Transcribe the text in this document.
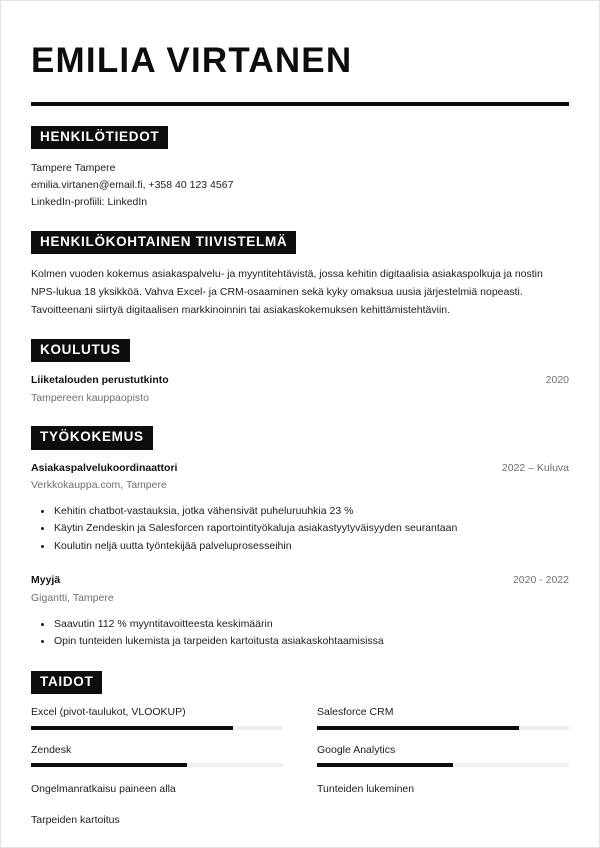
EMILIA VIRTANEN
HENKILÖTIEDOT
Tampere Tampere
emilia.virtanen@email.fi, +358 40 123 4567
LinkedIn-profiili: LinkedIn
HENKILÖKOHTAINEN TIIVISTELMÄ

Kolmen vuoden kokemus asiakaspalvelu- ja myyntitehtävistä, jossa kehitin digitaalisia asiakaspolkuja ja nostin NPS-lukua 18 yksikköä. Vahva Excel- ja CRM-osaaminen sekä kyky omaksua uusia järjestelmiä nopeasti. Tavoitteenani siirtyä digitaalisen markkinoinnin tai asiakaskokemuksen kehittämistehtäviin.

KOULUTUS
Liiketalouden perustutkinto	2020
Tampereen kauppaopisto
TYÖKOKEMUS
Asiakaspalvelukoordinaattori	2022 – Kuluva
Verkkokauppa.com, Tampere
Kehitin chatbot-vastauksia, jotka vähensivät puheluruuhkia 23 %
Käytin Zendeskin ja Salesforcen raportointityökaluja asiakastyytyväisyyden seurantaan
Koulutin neljä uutta työntekijää palveluprosesseihin
Myyjä	2020 - 2022
Gigantti, Tampere
Saavutin 112 % myyntitavoitteesta keskimäärin
Opin tunteiden lukemista ja tarpeiden kartoitusta asiakaskohtaamisissa
TAIDOT
Excel (pivot-taulukot, VLOOKUP)	Salesforce CRM
Zendesk	Google Analytics
Ongelmanratkaisu paineen alla	Tunteiden lukeminen
Tarpeiden kartoitus
